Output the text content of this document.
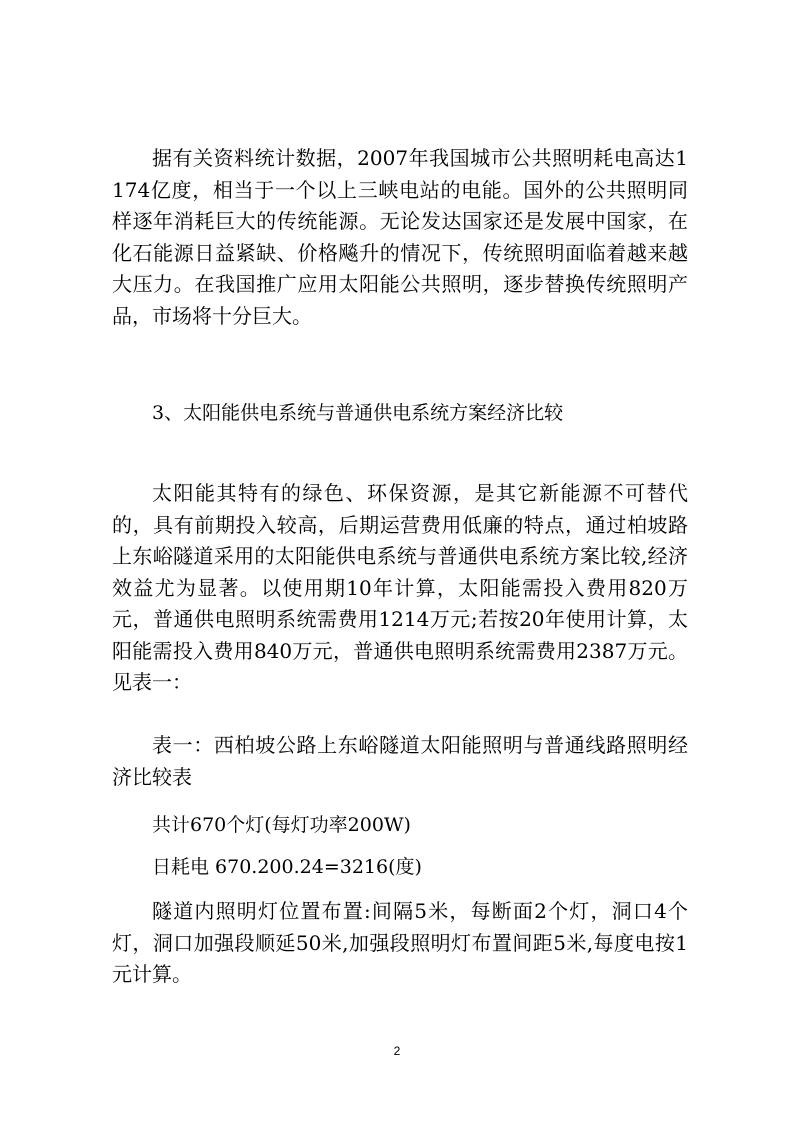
据有关资料统计数据，2007年我国城市公共照明耗电高达1174亿度，相当于一个以上三峡电站的电能。国外的公共照明同样逐年消耗巨大的传统能源。无论发达国家还是发展中国家，在化石能源日益紧缺、价格飚升的情况下，传统照明面临着越来越大压力。在我国推广应用太阳能公共照明，逐步替换传统照明产品，市场将十分巨大。

3、太阳能供电系统与普通供电系统方案经济比较

太阳能其特有的绿色、环保资源，是其它新能源不可替代的，具有前期投入较高，后期运营费用低廉的特点，通过柏坡路上东峪隧道采用的太阳能供电系统与普通供电系统方案比较,经济效益尤为显著。以使用期10年计算，太阳能需投入费用820万元，普通供电照明系统需费用1214万元;若按20年使用计算，太阳能需投入费用840万元，普通供电照明系统需费用2387万元。见表一：

表一：西柏坡公路上东峪隧道太阳能照明与普通线路照明经济比较表

共计670个灯(每灯功率200W)

日耗电 670.200.24=3216(度)

隧道内照明灯位置布置:间隔5米，每断面2个灯，洞口4个灯，洞口加强段顺延50米,加强段照明灯布置间距5米,每度电按1元计算。

2
